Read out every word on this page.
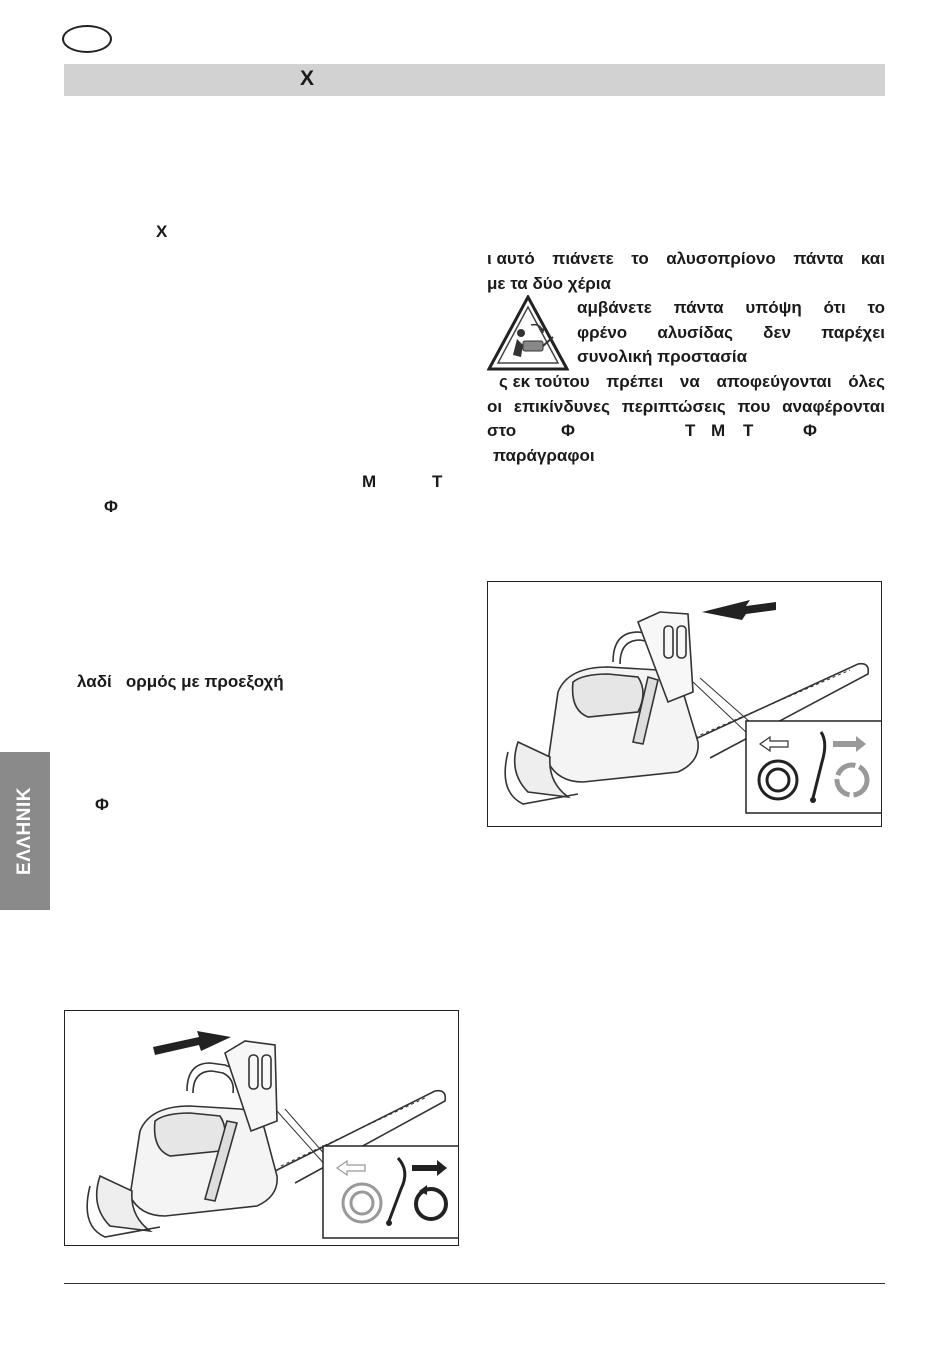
X
X
M	T
Φ
λαδί   ορμός με προεξοχή
Φ
ΕΛΛΗΝΙΚ
ι αυτό πιάνετε το αλυσοπρίονο πάντα και
με τα δύο χέρια
αμβάνετε πάντα υπόψη ότι το
φρένο αλυσίδας δεν παρέχει
συνολική προστασία
ς εκ τούτου πρέπει να αποφεύγονται όλες
οι επικίνδυνες περιπτώσεις που αναφέρονται
στο	Φ	Τ Μ	Τ	Φ
παράγραφοι
